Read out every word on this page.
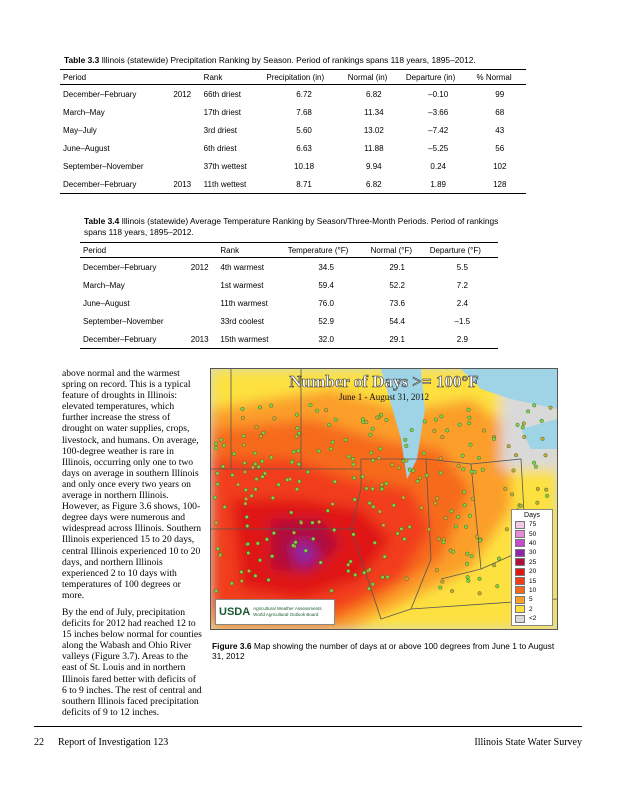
Table 3.3 Illinois (statewide) Precipitation Ranking by Season. Period of rankings spans 118 years, 1895–2012.
Period		Rank	Precipitation (in)	Normal (in)	Departure (in)	% Normal
December–February	2012	66th driest	6.72	6.82	–0.10	99
March–May		17th driest	7.68	11.34	–3.66	68
May–July		3rd driest	5.60	13.02	–7.42	43
June–August		6th driest	6.63	11.88	–5.25	56
September–November		37th wettest	10.18	9.94	0.24	102
December–February	2013	11th wettest	8.71	6.82	1.89	128
Table 3.4 Illinois (statewide) Average Temperature Ranking by Season/Three-Month Periods. Period of rankings spans 118 years, 1895–2012.
Period		Rank	Temperature (°F)	Normal (°F)	Departure (°F)
December–February	2012	4th warmest	34.5	29.1	5.5
March–May		1st warmest	59.4	52.2	7.2
June–August		11th warmest	76.0	73.6	2.4
September–November		33rd coolest	52.9	54.4	–1.5
December–February	2013	15th warmest	32.0	29.1	2.9

above normal and the warmest spring on record. This is a typical feature of droughts in Illinois: elevated temperatures, which further increase the stress of drought on water supplies, crops, livestock, and humans. On average, 100-degree weather is rare in Illinois, occurring only one to two days on average in southern Illinois and only once every two years on average in northern Illinois. However, as Figure 3.6 shows, 100-degree days were numerous and widespread across Illinois. Southern Illinois experienced 15 to 20 days, central Illinois experienced 10 to 20 days, and northern Illinois experienced 2 to 10 days with temperatures of 100 degrees or more.

By the end of July, precipitation deficits for 2012 had reached 12 to 15 inches below normal for counties along the Wabash and Ohio River valleys (Figure 3.7). Areas to the east of St. Louis and in northern Illinois fared better with deficits of 6 to 9 inches. The rest of central and southern Illinois faced precipitation deficits of 9 to 12 inches.

Number of Days >= 100°F
June 1 - August 31, 2012
Days
75
50
40
30
25
20
15
10
5
2
<2
USDA Agricultural Weather Assessments
World Agricultural Outlook Board
Figure 3.6 Map showing the number of days at or above 100 degrees from June 1 to August 31, 2012
22 Report of Investigation 123	Illinois State Water Survey
